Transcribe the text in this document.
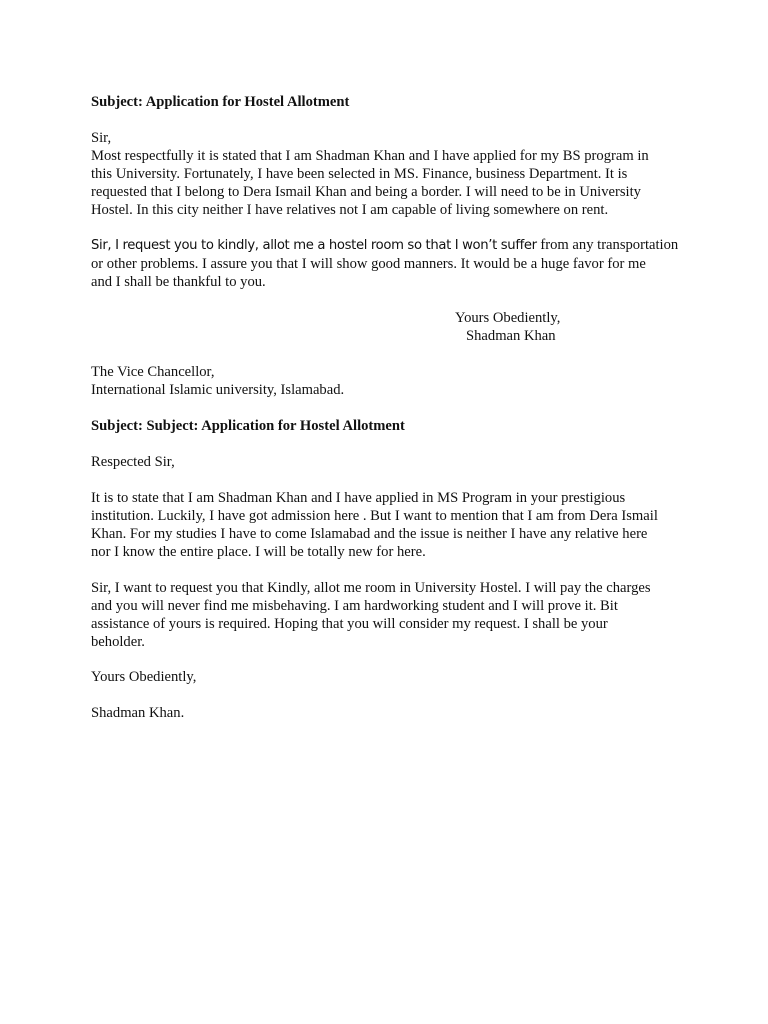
Subject: Application for Hostel Allotment

Sir,

Most respectfully it is stated that I am Shadman Khan and I have applied for my BS program in

this University. Fortunately, I have been selected in MS. Finance, business Department. It is

requested that I belong to Dera Ismail Khan and being a border. I will need to be in University

Hostel. In this city neither I have relatives not I am capable of living somewhere on rent.

Sir, I request you to kindly, allot me a hostel room so that I won’t suffer from any transportation

or other problems. I assure you that I will show good manners. It would be a huge favor for me

and I shall be thankful to you.

Yours Obediently,

Shadman Khan

The Vice Chancellor,

International Islamic university, Islamabad.

Subject: Subject: Application for Hostel Allotment

Respected Sir,

It is to state that I am Shadman Khan and I have applied in MS Program in your prestigious

institution. Luckily, I have got admission here . But I want to mention that I am from Dera Ismail

Khan. For my studies I have to come Islamabad and the issue is neither I have any relative here

nor I know the entire place. I will be totally new for here.

Sir, I want to request you that Kindly, allot me room in University Hostel. I will pay the charges

and you will never find me misbehaving. I am hardworking student and I will prove it. Bit

assistance of yours is required. Hoping that you will consider my request. I shall be your

beholder.

Yours Obediently,

Shadman Khan.
